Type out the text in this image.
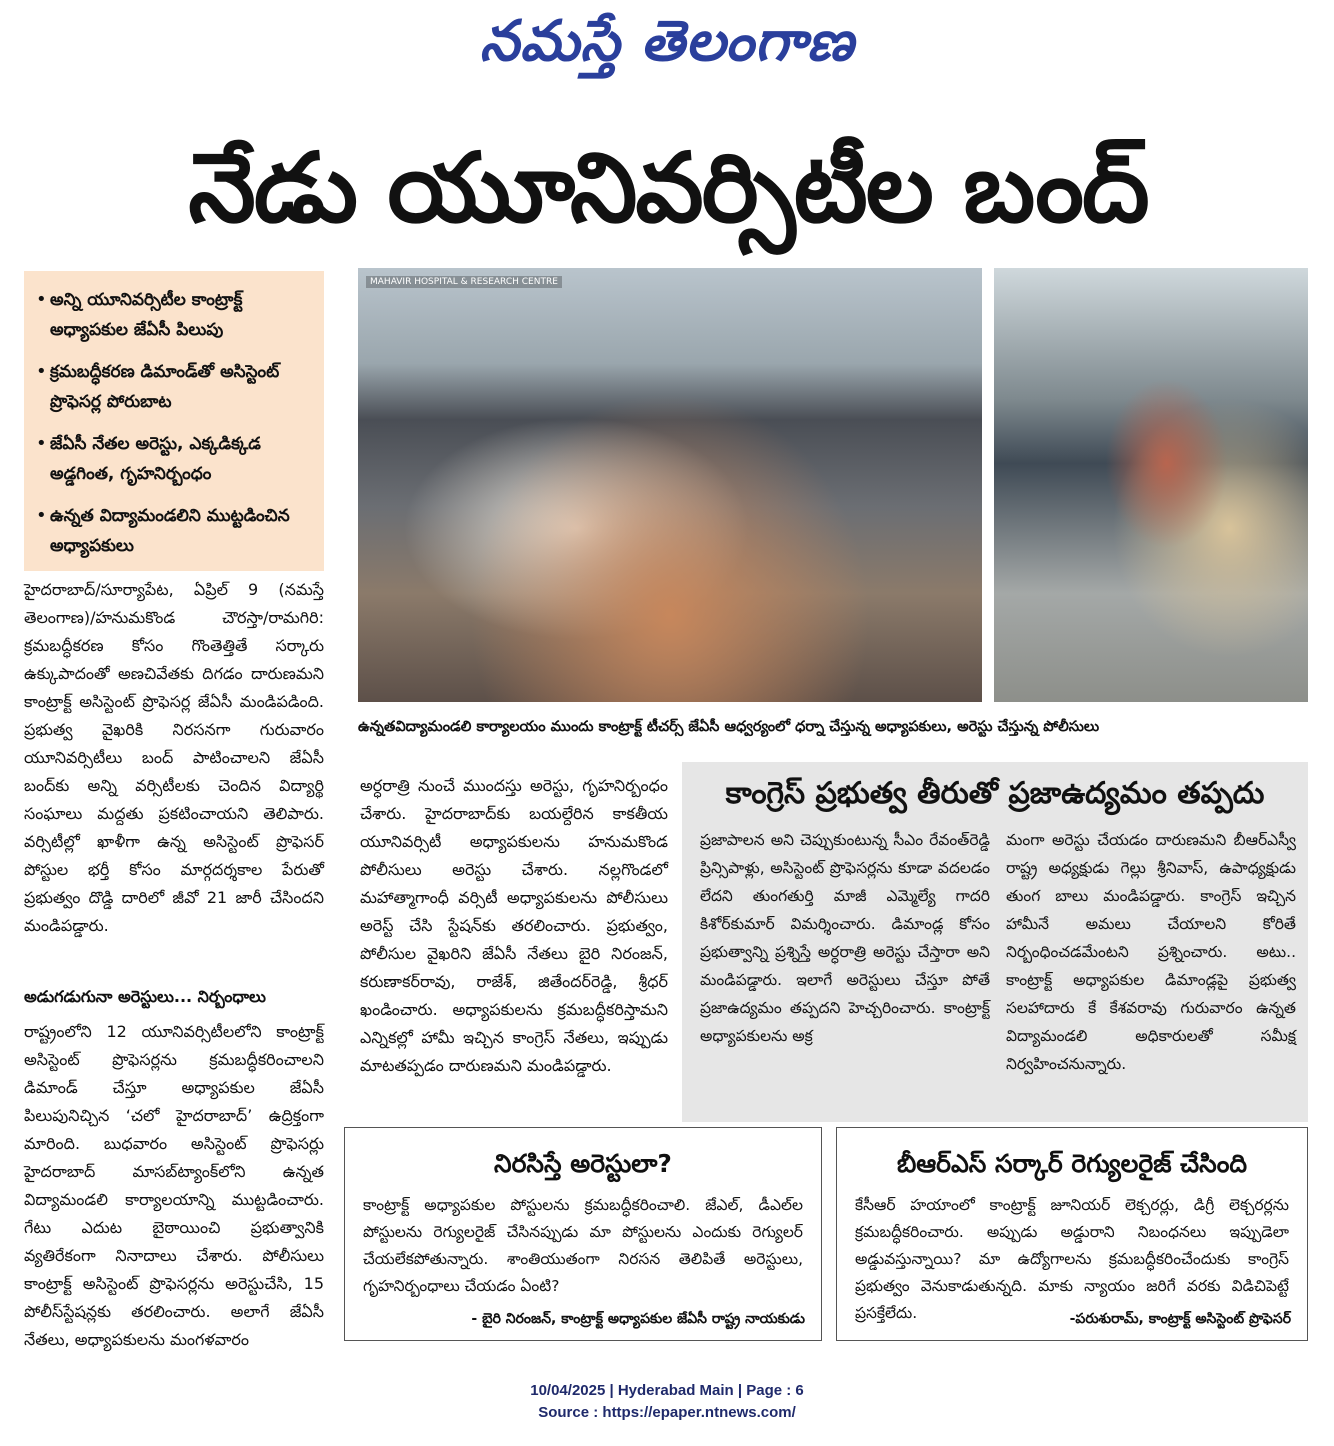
నమస్తే తెలంగాణ
నేడు యూనివర్సిటీల బంద్‌
• అన్ని యూనివర్సిటీల కాంట్రాక్ట్‌ అధ్యాపకుల జేఏసీ పిలుపు
• క్రమబద్ధీకరణ డిమాండ్‌తో అసిస్టెంట్‌ ప్రొఫెసర్ల పోరుబాట
• జేఏసీ నేతల అరెస్టు, ఎక్కడిక్కడ అడ్డగింత, గృహనిర్బంధం
• ఉన్నత విద్యామండలిని ముట్టడించిన అధ్యాపకులు
MAHAVIR HOSPITAL & RESEARCH CENTRE
ఉన్నతవిద్యామండలి కార్యాలయం ముందు కాంట్రాక్ట్‌ టీచర్స్‌ జేఏసీ ఆధ్వర్యంలో ధర్నా చేస్తున్న అధ్యాపకులు, అరెస్టు చేస్తున్న పోలీసులు
హైదరాబాద్‌/సూర్యాపేట, ఏప్రిల్‌ 9 (నమస్తే తెలంగాణ)/హనుమకొండ చౌరస్తా/రామగిరి: క్రమబద్ధీకరణ కోసం గొంతెత్తితే సర్కారు ఉక్కుపాదంతో అణచివేతకు దిగడం దారుణమని కాంట్రాక్ట్‌ అసిస్టెంట్‌ ప్రొఫెసర్ల జేఏసీ మండిపడింది. ప్రభుత్వ వైఖరికి నిరసనగా గురువారం యూనివర్సిటీలు బంద్‌ పాటించాలని జేఏసీ బంద్‌కు అన్ని వర్సిటీలకు చెందిన విద్యార్థి సంఘాలు మద్దతు ప్రకటించాయని తెలిపారు. వర్సిటీల్లో ఖాళీగా ఉన్న అసిస్టెంట్‌ ప్రొఫెసర్‌ పోస్టుల భర్తీ కోసం మార్గదర్శకాల పేరుతో ప్రభుత్వం దొడ్డి దారిలో జీవో 21 జారీ చేసిందని మండిపడ్డారు.
అడుగడుగునా అరెస్టులు... నిర్బంధాలు
రాష్ట్రంలోని 12 యూనివర్సిటీలలోని కాంట్రాక్ట్‌ అసిస్టెంట్‌ ప్రొఫెసర్లను క్రమబద్ధీకరించాలని డిమాండ్‌ చేస్తూ అధ్యాపకుల జేఏసీ పిలుపునిచ్చిన ‘చలో హైదరాబాద్‌’ ఉద్రిక్తంగా మారింది. బుధవారం అసిస్టెంట్‌ ప్రొఫెసర్లు హైదరాబాద్‌ మాసబ్‌ట్యాంక్‌లోని ఉన్నత విద్యామండలి కార్యాలయాన్ని ముట్టడించారు. గేటు ఎదుట బైఠాయించి ప్రభుత్వానికి వ్యతిరేకంగా నినాదాలు చేశారు. పోలీసులు కాంట్రాక్ట్‌ అసిస్టెంట్‌ ప్రొఫెసర్లను అరెస్టుచేసి, 15 పోలీస్‌స్టేషన్లకు తరలించారు. అలాగే జేఏసీ నేతలు, అధ్యాపకులను మంగళవారం
అర్ధరాత్రి నుంచే ముందస్తు అరెస్టు, గృహనిర్బంధం చేశారు. హైదరాబాద్‌కు బయల్దేరిన కాకతీయ యూనివర్సిటీ అధ్యాపకులను హనుమకొండ పోలీసులు అరెస్టు చేశారు. నల్లగొండలో మహాత్మాగాంధీ వర్సిటీ అధ్యాపకులను పోలీసులు అరెస్ట్‌ చేసి స్టేషన్‌కు తరలించారు. ప్రభుత్వం, పోలీసుల వైఖరిని జేఏసీ నేతలు బైరి నిరంజన్‌, కరుణాకర్‌రావు, రాజేశ్‌, జితేందర్‌రెడ్డి, శ్రీధర్‌ ఖండించారు. అధ్యాపకులను క్రమబద్ధీకరిస్తామని ఎన్నికల్లో హామీ ఇచ్చిన కాంగ్రెస్‌ నేతలు, ఇప్పుడు మాటతప్పడం దారుణమని మండిపడ్డారు.
కాంగ్రెస్‌ ప్రభుత్వ తీరుతో ప్రజాఉద్యమం తప్పదు
ప్రజాపాలన అని చెప్పుకుంటున్న సీఎం రేవంత్‌రెడ్డి ప్రిన్సిపాళ్లు, అసిస్టెంట్‌ ప్రొఫెసర్లను కూడా వదలడం లేదని తుంగతుర్తి మాజీ ఎమ్మెల్యే గాదరి కిశోర్‌కుమార్‌ విమర్శించారు. డిమాండ్ల కోసం ప్రభుత్వాన్ని ప్రశ్నిస్తే అర్ధరాత్రి అరెస్టు చేస్తారా అని మండిపడ్డారు. ఇలాగే అరెస్టులు చేస్తూ పోతే ప్రజాఉద్యమం తప్పదని హెచ్చరించారు. కాంట్రాక్ట్‌ అధ్యాపకులను అక్ర
మంగా అరెస్టు చేయడం దారుణమని బీఆర్‌ఎస్వీ రాష్ట్ర అధ్యక్షుడు గెల్లు శ్రీనివాస్‌, ఉపాధ్యక్షుడు తుంగ బాలు మండిపడ్డారు. కాంగ్రెస్‌ ఇచ్చిన హామీనే అమలు చేయాలని కోరితే నిర్బంధించడమేంటని ప్రశ్నించారు. అటు.. కాంట్రాక్ట్‌ అధ్యాపకుల డిమాండ్లపై ప్రభుత్వ సలహాదారు కే కేశవరావు గురువారం ఉన్నత విద్యామండలి అధికారులతో సమీక్ష నిర్వహించనున్నారు.
నిరసిస్తే అరెస్టులా?
కాంట్రాక్ట్‌ అధ్యాపకుల పోస్టులను క్రమబద్ధీకరించాలి. జేఎల్‌, డీఎల్‌ల పోస్టులను రెగ్యులరైజ్‌ చేసినప్పుడు మా పోస్టులను ఎందుకు రెగ్యులర్‌ చేయలేకపోతున్నారు. శాంతియుతంగా నిరసన తెలిపితే అరెస్టులు, గృహనిర్బంధాలు చేయడం ఏంటి?
- బైరి నిరంజన్‌, కాంట్రాక్ట్‌ అధ్యాపకుల జేఏసీ రాష్ట్ర నాయకుడు
బీఆర్‌ఎస్‌ సర్కార్‌ రెగ్యులరైజ్‌ చేసింది
కేసీఆర్‌ హయాంలో కాంట్రాక్ట్‌ జూనియర్‌ లెక్చరర్లు, డిగ్రీ లెక్చరర్లను క్రమబద్ధీకరించారు. అప్పుడు అడ్డురాని నిబంధనలు ఇప్పుడెలా అడ్డువస్తున్నాయి? మా ఉద్యోగాలను క్రమబద్ధీకరించేందుకు కాంగ్రెస్‌ ప్రభుత్వం వెనుకాడుతున్నది. మాకు న్యాయం జరిగే వరకు విడిచిపెట్టే ప్రసక్తేలేదు.	-పరుశురామ్‌, కాంట్రాక్ట్‌ అసిస్టెంట్‌ ప్రొఫెసర్‌
10/04/2025 | Hyderabad Main | Page : 6
Source : https://epaper.ntnews.com/
